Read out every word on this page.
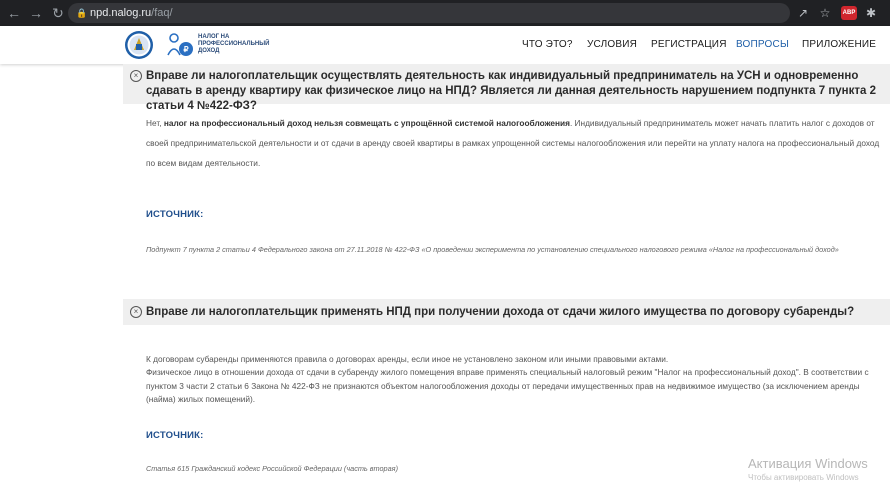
← → ↻	🔒 npd.nalog.ru/faq/	↗ ☆	ABP ✱
₽
НАЛОГ НА
ПРОФЕССИОНАЛЬНЫЙ
ДОХОД
ЧТО ЭТО? УСЛОВИЯ РЕГИСТРАЦИЯ ВОПРОСЫ ПРИЛОЖЕНИЕ
× Вправе ли налогоплательщик осуществлять деятельность как индивидуальный предприниматель на УСН и одновременно сдавать в аренду квартиру как физическое лицо на НПД? Является ли данная деятельность нарушением подпункта 7 пункта 2 статьи 4 №422-ФЗ?
Нет, налог на профессиональный доход нельзя совмещать с упрощённой системой налогообложения. Индивидуальный предприниматель может начать платить налог с доходов от своей предпринимательской деятельности и от сдачи в аренду своей квартиры в рамках упрощенной системы налогообложения или перейти на уплату налога на профессиональный доход по всем видам деятельности.
ИСТОЧНИК:
Подпункт 7 пункта 2 статьи 4 Федерального закона от 27.11.2018 № 422-ФЗ «О проведении эксперимента по установлению специального налогового режима «Налог на профессиональный доход»
× Вправе ли налогоплательщик применять НПД при получении дохода от сдачи жилого имущества по договору субаренды?
К договорам субаренды применяются правила о договорах аренды, если иное не установлено законом или иными правовыми актами.
Физическое лицо в отношении дохода от сдачи в субаренду жилого помещения вправе применять специальный налоговый режим "Налог на профессиональный доход". В соответствии с пунктом 3 части 2 статьи 6 Закона № 422-ФЗ не признаются объектом налогообложения доходы от передачи имущественных прав на недвижимое имущество (за исключением аренды (найма) жилых помещений).
ИСТОЧНИК:
Статья 615 Гражданский кодекс Российской Федерации (часть вторая)	Активация Windows
Чтобы активировать Windows
